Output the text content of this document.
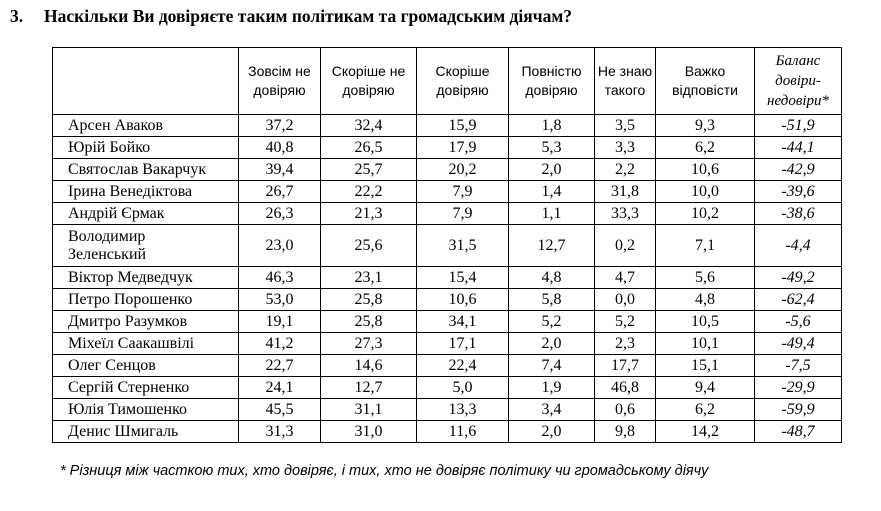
3. Наскільки Ви довіряєте таким політикам та громадським діячам?
	Зовсім не довіряю	Скоріше не довіряю	Скоріше довіряю	Повністю довіряю	Не знаю такого	Важко відповісти	Баланс довіри-недовіри*
Арсен Аваков	37,2	32,4	15,9	1,8	3,5	9,3	-51,9
Юрій Бойко	40,8	26,5	17,9	5,3	3,3	6,2	-44,1
Святослав Вакарчук	39,4	25,7	20,2	2,0	2,2	10,6	-42,9
Ірина Венедіктова	26,7	22,2	7,9	1,4	31,8	10,0	-39,6
Андрій Єрмак	26,3	21,3	7,9	1,1	33,3	10,2	-38,6
Володимир Зеленський	23,0	25,6	31,5	12,7	0,2	7,1	-4,4
Віктор Медведчук	46,3	23,1	15,4	4,8	4,7	5,6	-49,2
Петро Порошенко	53,0	25,8	10,6	5,8	0,0	4,8	-62,4
Дмитро Разумков	19,1	25,8	34,1	5,2	5,2	10,5	-5,6
Міхеїл Саакашвілі	41,2	27,3	17,1	2,0	2,3	10,1	-49,4
Олег Сенцов	22,7	14,6	22,4	7,4	17,7	15,1	-7,5
Сергій Стерненко	24,1	12,7	5,0	1,9	46,8	9,4	-29,9
Юлія Тимошенко	45,5	31,1	13,3	3,4	0,6	6,2	-59,9
Денис Шмигаль	31,3	31,0	11,6	2,0	9,8	14,2	-48,7
* Різниця між часткою тих, хто довіряє, і тих, хто не довіряє політику чи громадському діячу
